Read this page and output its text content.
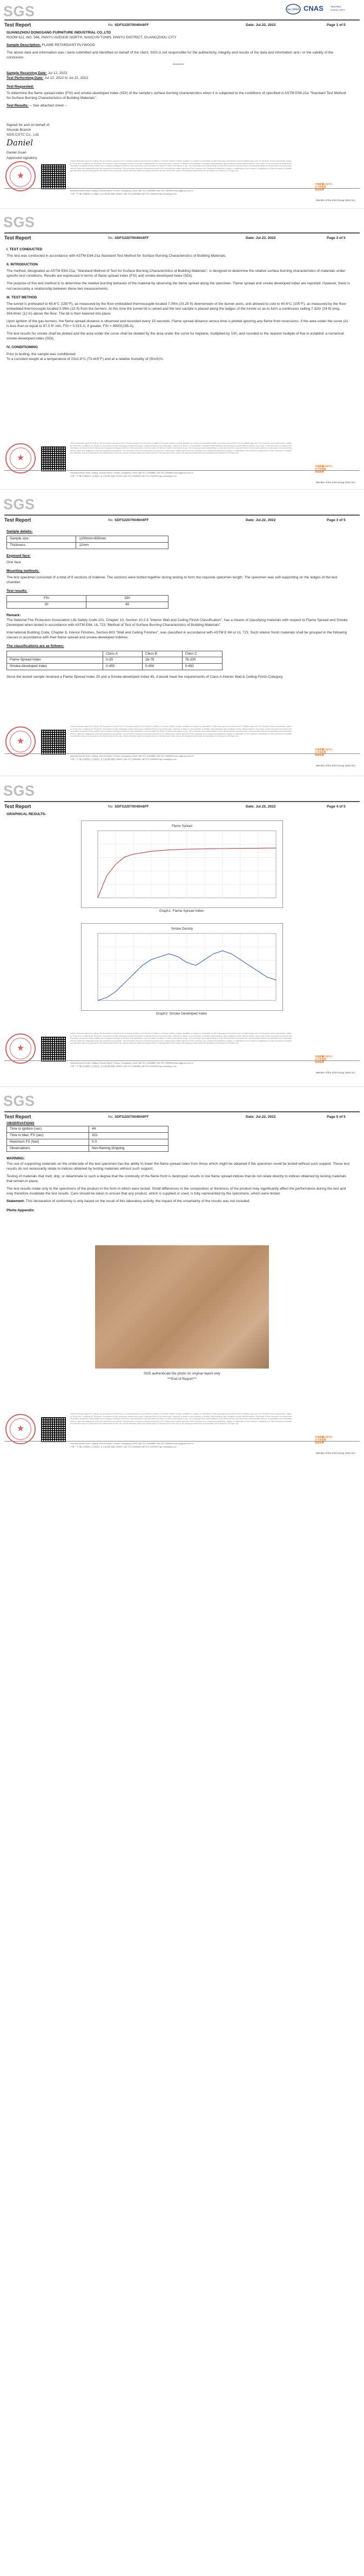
SGS	ilac-MRA CNAS	TESTING
CNAS L7977
Test Report	No. SDFS22070049A6FF	Date: Jul.22, 2022	Page 1 of 5
GUANGZHOU DONGSANG FURNITURE INDUSTRIAL CO.,LTD
ROOM 611, NO. 346, PANYU AVENUE NORTH, NANCUN TOWN, PANYU DISTRICT, GUANGZHOU CITY
Sample Description: FLAME RETARDANT PLYWOOD
The above data and information was / were submitted and identified on behalf of the client. SGS is not responsible for the authenticity, integrity and results of the data and information and / or the validity of the conclusion.
********
Sample Receiving Date: Jul 12, 2022
Test Performing Date: Jul 12, 2022 to Jul 22, 2022
Test Requested:
To determine the flame spread index (FSI) and smoke-developed index (SDI) of the sample's surface burning characteristics when it is subjected to the conditions of specified in ASTM E84-21a "Standard Test Method for Surface Burning Characteristics of Building Materials".
Test Results: -- See attached sheet --
Signed for and on behalf of
Shunde Branch
SGS-CSTC Co., Ltd.
Daniel
Daniel Guan
Approved signatory
★
Unless otherwise agreed in writing, this document is issued by the Company subject to its General Conditions of Service printed overleaf, available on request or accessible at http://www.sgs.com/en/Terms-and-Conditions.aspx and, for electronic format documents, subject to Terms and Conditions for Electronic Documents at http://www.sgs.com/en/Terms-and-Conditions/Terms-e-Document.aspx. Attention is drawn to the limitation of liability, indemnification and jurisdiction issues defined therein. Any holder of this document is advised that information contained hereon reflects the Company's findings at the time of its intervention only and within the limits of Client's instructions, if any. The Company's sole responsibility is to its Client and this document does not exonerate parties to a transaction from exercising all their rights and obligations under the transaction documents. This document cannot be reproduced except in full, without prior written approval of the Company. Any unauthorized alteration, forgery or falsification of the content or appearance of this document is unlawful and offenders may be prosecuted to the fullest extent of the law. Unless otherwise stated the results shown in this test report refer only to the sample(s) tested and such sample(s) are retained for 30 days only.
Industrial Avenue North, Daliang, Shunde District, Foshan, Guangdong, China t (86-757) 22808888 f (86-757) 22808999 www.sgsgroup.com.cn
中国·广东·佛山市顺德区大良街道工业大道北路 邮编: 528300 t (86-757) 22808888 f (86-757) 22808999 sgs.china@sgs.com
中国质量认证中心
认可实验室
检验检测
Member of the SGS Group (SGS SA)
SGS
Test Report	No. SDFS22070049A6FF	Date: Jul.22, 2022	Page 2 of 5
I. TEST CONDUCTED
This test was conducted in accordance with ASTM E84-21a Standard Test Method for Surface Burning Characteristics of Building Materials.
II. INTRODUCTION
The method, designated as ASTM E84-21a, "Standard Method of Test for Surface Burning Characteristics of Building Materials", is designed to determine the relative surface burning characteristics of materials under specific test conditions. Results are expressed in terms of flame spread index (FSI) and smoke developed index (SDI).
The purpose of this test method is to determine the relative burning behavior of the material by observing the flame spread along the specimen. Flame spread and smoke developed index are reported. However, there is not necessarily a relationship between these two measurements.
III. TEST METHOD
The tunnel is preheated to 65.6°C (150°F), as measured by the floor-embedded thermocouple located 7.09m (23.25 ft) downstream of the burner ports, and allowed to cool to 40.6°C (105°F), as measured by the floor-embedded thermocouple located 3.99m (13 ft) from the burners. At this time the tunnel lid is raised and the test sample is placed along the ledges of the tunnel so as to form a continuous ceiling 7.32m (24 ft) long, 304.8mm (12 in) above the floor. The lid is then lowered into place.
Upon ignition of the gas burners, the flame spread distance is observed and recorded every 15 seconds. Flame spread distance versus time is plotted ignoring any flame front recessions. If the area under the curve (A) is less than or equal to 97.5 ft²·min, FSI = 0.515·A; if greater, FSI = 4900/(195-A).
The test results for smoke shall be plotted and the area under the curve shall be divided by the area under the curve for heptane, multiplied by 100, and rounded to the nearest multiple of five to establish a numerical smoke-developed index (SDI).
IV. CONDITIONING
Prior to testing, the sample was conditioned.
To a constant weight at a temperature of 23±2.8°C (73.4±5°F) and at a relative humidity of (50±5)%.
★
Unless otherwise agreed in writing, this document is issued by the Company subject to its General Conditions of Service printed overleaf, available on request or accessible at http://www.sgs.com/en/Terms-and-Conditions.aspx and, for electronic format documents, subject to Terms and Conditions for Electronic Documents at http://www.sgs.com/en/Terms-and-Conditions/Terms-e-Document.aspx. Attention is drawn to the limitation of liability, indemnification and jurisdiction issues defined therein. Any holder of this document is advised that information contained hereon reflects the Company's findings at the time of its intervention only and within the limits of Client's instructions, if any. The Company's sole responsibility is to its Client and this document does not exonerate parties to a transaction from exercising all their rights and obligations under the transaction documents. This document cannot be reproduced except in full, without prior written approval of the Company. Any unauthorized alteration, forgery or falsification of the content or appearance of this document is unlawful and offenders may be prosecuted to the fullest extent of the law. Unless otherwise stated the results shown in this test report refer only to the sample(s) tested and such sample(s) are retained for 30 days only.
Industrial Avenue North, Daliang, Shunde District, Foshan, Guangdong, China t (86-757) 22808888 f (86-757) 22808999 www.sgsgroup.com.cn
中国·广东·佛山市顺德区大良街道工业大道北路 邮编: 528300 t (86-757) 22808888 f (86-757) 22808999 sgs.china@sgs.com
中国质量认证中心
认可实验室
检验检测
Member of the SGS Group (SGS SA)
SGS
Test Report	No. SDFS22070049A6FF	Date: Jul.22, 2022	Page 3 of 5
Sample details:
Sample size	1200mm×600mm
Thickness	12mm
Exposed face:
One face
Mounting methods:
The test specimen consisted of a total of 8 sections of material. The sections were butted together during testing to form the requisite specimen length. The specimen was self-supporting on the ledges of the test chamber.
Test results:
FSI	SDI
20	45
Remark:
The National Fire Protection Association Life Safety Code 101, Chapter 10, Section 10.2.3 "Interior Wall and Ceiling Finish Classification", has a means of classifying materials with respect to Flame Spread and Smoke Developed when tested in accordance with ASTM E84, UL 723 "Method of Test of Surface Burning Characteristics of Building Materials".
International Building Code, Chapter 8, Interior Finishes, Section 803 "Wall and Ceiling Finishes", was classified in accordance with ASTM E 84 or UL 723. Such interior finish materials shall be grouped in the following classes in accordance with their flame spread and smoke-developed indexes.
The classifications are as follows:
	Class A	Class B	Class C
Flame Spread Index	0-25	26-75	76-200
Smoke-developed Index	0-450	0-450	0-450
Since the tested sample received a Flame Spread Index 20 and a Smoke-developed Index 45, it would meet the requirements of Class A Interior Wall & Ceiling Finish Category.
★
Unless otherwise agreed in writing, this document is issued by the Company subject to its General Conditions of Service printed overleaf, available on request or accessible at http://www.sgs.com/en/Terms-and-Conditions.aspx and, for electronic format documents, subject to Terms and Conditions for Electronic Documents at http://www.sgs.com/en/Terms-and-Conditions/Terms-e-Document.aspx. Attention is drawn to the limitation of liability, indemnification and jurisdiction issues defined therein. Any holder of this document is advised that information contained hereon reflects the Company's findings at the time of its intervention only and within the limits of Client's instructions, if any. The Company's sole responsibility is to its Client and this document does not exonerate parties to a transaction from exercising all their rights and obligations under the transaction documents. This document cannot be reproduced except in full, without prior written approval of the Company. Any unauthorized alteration, forgery or falsification of the content or appearance of this document is unlawful and offenders may be prosecuted to the fullest extent of the law. Unless otherwise stated the results shown in this test report refer only to the sample(s) tested and such sample(s) are retained for 30 days only.
Industrial Avenue North, Daliang, Shunde District, Foshan, Guangdong, China t (86-757) 22808888 f (86-757) 22808999 www.sgsgroup.com.cn
中国·广东·佛山市顺德区大良街道工业大道北路 邮编: 528300 t (86-757) 22808888 f (86-757) 22808999 sgs.china@sgs.com
中国质量认证中心
认可实验室
检验检测
Member of the SGS Group (SGS SA)
SGS
Test Report	No. SDFS22070049A6FF	Date: Jul.22, 2022	Page 4 of 5
GRAPHICAL RESULTS:
Flame Spread
Graph1: Flame Spread Index
Smoke Density
Graph2: Smoke Developed Index
★
Unless otherwise agreed in writing, this document is issued by the Company subject to its General Conditions of Service printed overleaf, available on request or accessible at http://www.sgs.com/en/Terms-and-Conditions.aspx and, for electronic format documents, subject to Terms and Conditions for Electronic Documents at http://www.sgs.com/en/Terms-and-Conditions/Terms-e-Document.aspx. Attention is drawn to the limitation of liability, indemnification and jurisdiction issues defined therein. Any holder of this document is advised that information contained hereon reflects the Company's findings at the time of its intervention only and within the limits of Client's instructions, if any. The Company's sole responsibility is to its Client and this document does not exonerate parties to a transaction from exercising all their rights and obligations under the transaction documents. This document cannot be reproduced except in full, without prior written approval of the Company. Any unauthorized alteration, forgery or falsification of the content or appearance of this document is unlawful and offenders may be prosecuted to the fullest extent of the law. Unless otherwise stated the results shown in this test report refer only to the sample(s) tested and such sample(s) are retained for 30 days only.
Industrial Avenue North, Daliang, Shunde District, Foshan, Guangdong, China t (86-757) 22808888 f (86-757) 22808999 www.sgsgroup.com.cn
中国·广东·佛山市顺德区大良街道工业大道北路 邮编: 528300 t (86-757) 22808888 f (86-757) 22808999 sgs.china@sgs.com
中国质量认证中心
认可实验室
检验检测
Member of the SGS Group (SGS SA)
SGS
Test Report	No. SDFS22070049A6FF	Date: Jul.22, 2022	Page 5 of 5
OBSERVATIONS
Time to ignition (sec)	44
Time to Max. FS (sec)	321
Maximum FS (feet)	5.0
Observations	Non-flaming Dripping
WARNING:
The use of supporting materials on the underside of the test specimen has the ability to lower the flame spread index from those which might be obtained if the specimen could be tested without such support. These test results do not necessarily relate to indices obtained by testing materials without such support.
Testing of materials that melt, drip, or delaminate to such a degree that the continuity of the flame front is destroyed, results in low flame spread indices that do not relate directly to indices obtained by testing materials that remain in place.
The test results relate only to the specimens of the product in the form in which were tested. Small differences in the composition or thickness of the product may significantly affect the performance during the test and may therefore invalidate the test results. Care should be taken to ensure that any product, which is supplied or used, is fully represented by the specimens, which were tested.
Statement: This declaration of conformity is only based on the result of this laboratory activity, the impact of the uncertainty of the results was not included.
Photo Appendix:
SGS authenticate the photo on original report only
***End of Report***
★
Unless otherwise agreed in writing, this document is issued by the Company subject to its General Conditions of Service printed overleaf, available on request or accessible at http://www.sgs.com/en/Terms-and-Conditions.aspx and, for electronic format documents, subject to Terms and Conditions for Electronic Documents at http://www.sgs.com/en/Terms-and-Conditions/Terms-e-Document.aspx. Attention is drawn to the limitation of liability, indemnification and jurisdiction issues defined therein. Any holder of this document is advised that information contained hereon reflects the Company's findings at the time of its intervention only and within the limits of Client's instructions, if any. The Company's sole responsibility is to its Client and this document does not exonerate parties to a transaction from exercising all their rights and obligations under the transaction documents. This document cannot be reproduced except in full, without prior written approval of the Company. Any unauthorized alteration, forgery or falsification of the content or appearance of this document is unlawful and offenders may be prosecuted to the fullest extent of the law. Unless otherwise stated the results shown in this test report refer only to the sample(s) tested and such sample(s) are retained for 30 days only.
Industrial Avenue North, Daliang, Shunde District, Foshan, Guangdong, China t (86-757) 22808888 f (86-757) 22808999 www.sgsgroup.com.cn
中国·广东·佛山市顺德区大良街道工业大道北路 邮编: 528300 t (86-757) 22808888 f (86-757) 22808999 sgs.china@sgs.com
中国质量认证中心
认可实验室
检验检测
Member of the SGS Group (SGS SA)
